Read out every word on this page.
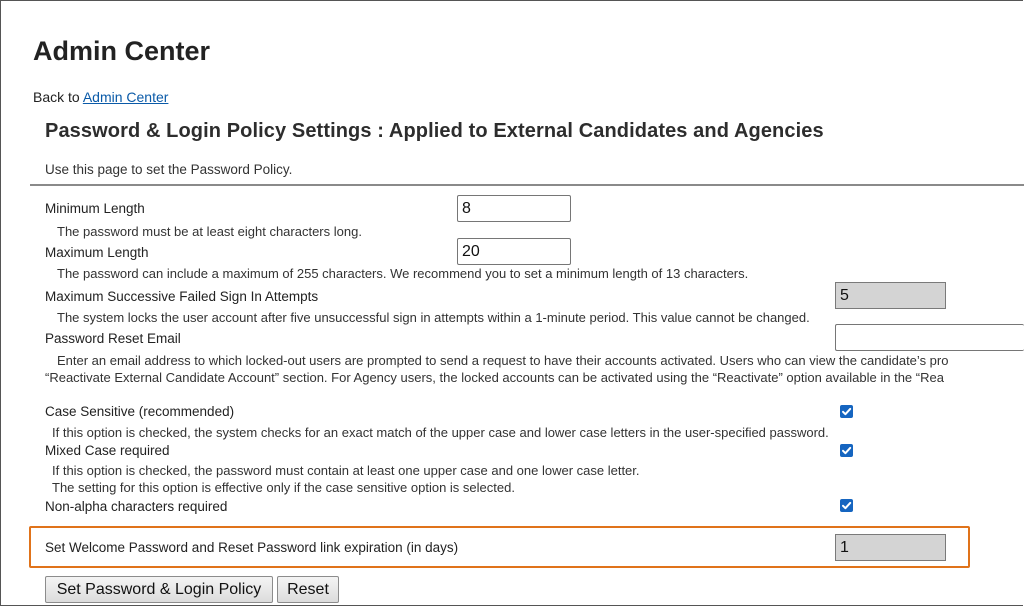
Admin Center
Back to Admin Center
Password & Login Policy Settings : Applied to External Candidates and Agencies
Use this page to set the Password Policy.
Minimum Length
8
The password must be at least eight characters long.
Maximum Length
20
The password can include a maximum of 255 characters. We recommend you to set a minimum length of 13 characters.
Maximum Successive Failed Sign In Attempts
5
The system locks the user account after five unsuccessful sign in attempts within a 1-minute period. This value cannot be changed.
Password Reset Email
Enter an email address to which locked-out users are prompted to send a request to have their accounts activated. Users who can view the candidate’s pro
“Reactivate External Candidate Account” section. For Agency users, the locked accounts can be activated using the “Reactivate” option available in the “Rea
Case Sensitive (recommended)
If this option is checked, the system checks for an exact match of the upper case and lower case letters in the user-specified password.
Mixed Case required
If this option is checked, the password must contain at least one upper case and one lower case letter.
The setting for this option is effective only if the case sensitive option is selected.
Non-alpha characters required
Set Welcome Password and Reset Password link expiration (in days)
1
Set Password & Login Policy	Reset
